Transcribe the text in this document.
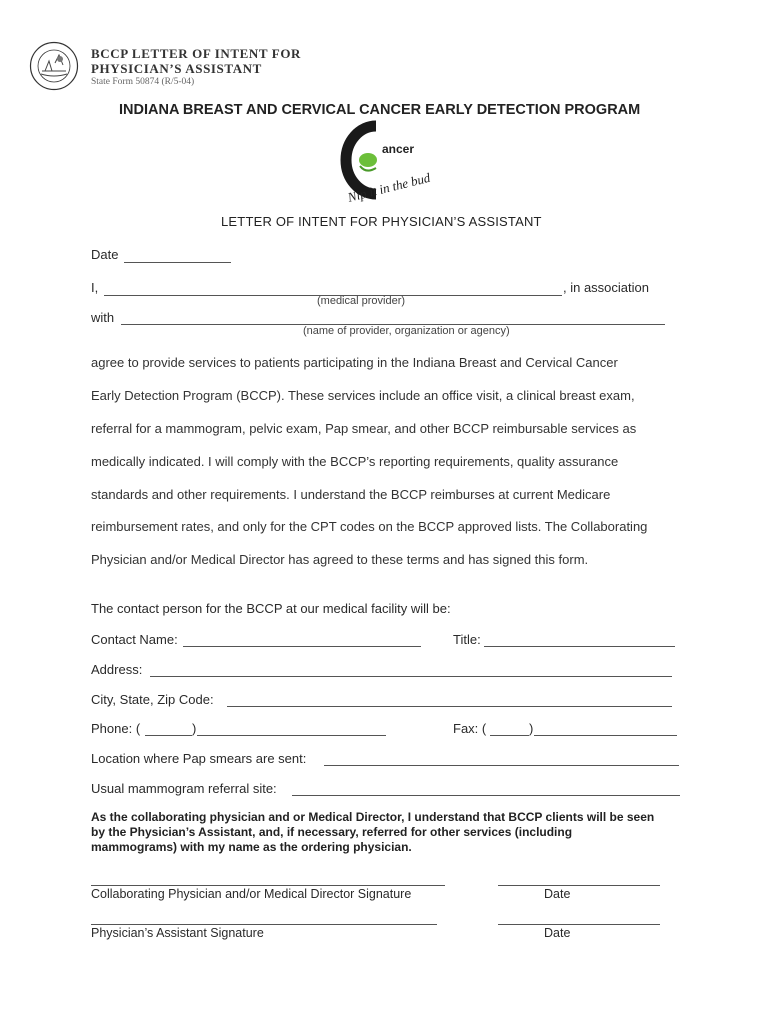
BCCP LETTER OF INTENT FOR
PHYSICIAN’S ASSISTANT
State Form 50874 (R/5-04)
INDIANA BREAST AND CERVICAL CANCER EARLY DETECTION PROGRAM
ancer
Nip it in the bud
LETTER OF INTENT FOR PHYSICIAN’S ASSISTANT
Date
I,	, in association
(medical provider)
with
(name of provider, organization or agency)
agree to provide services to patients participating in the Indiana Breast and Cervical Cancer
Early Detection Program (BCCP). These services include an office visit, a clinical breast exam,
referral for a mammogram, pelvic exam, Pap smear, and other BCCP reimbursable services as
medically indicated. I will comply with the BCCP’s reporting requirements, quality assurance
standards and other requirements. I understand the BCCP reimburses at current Medicare
reimbursement rates, and only for the CPT codes on the BCCP approved lists. The Collaborating
Physician and/or Medical Director has agreed to these terms and has signed this form.
The contact person for the BCCP at our medical facility will be:
Contact Name:	Title:
Address:
City, State, Zip Code:
Phone: (	)	Fax: (	)
Location where Pap smears are sent:
Usual mammogram referral site:
As the collaborating physician and or Medical Director, I understand that BCCP clients will be seen
by the Physician’s Assistant, and, if necessary, referred for other services (including
mammograms) with my name as the ordering physician.
Collaborating Physician and/or Medical Director Signature	Date
Physician’s Assistant Signature	Date
